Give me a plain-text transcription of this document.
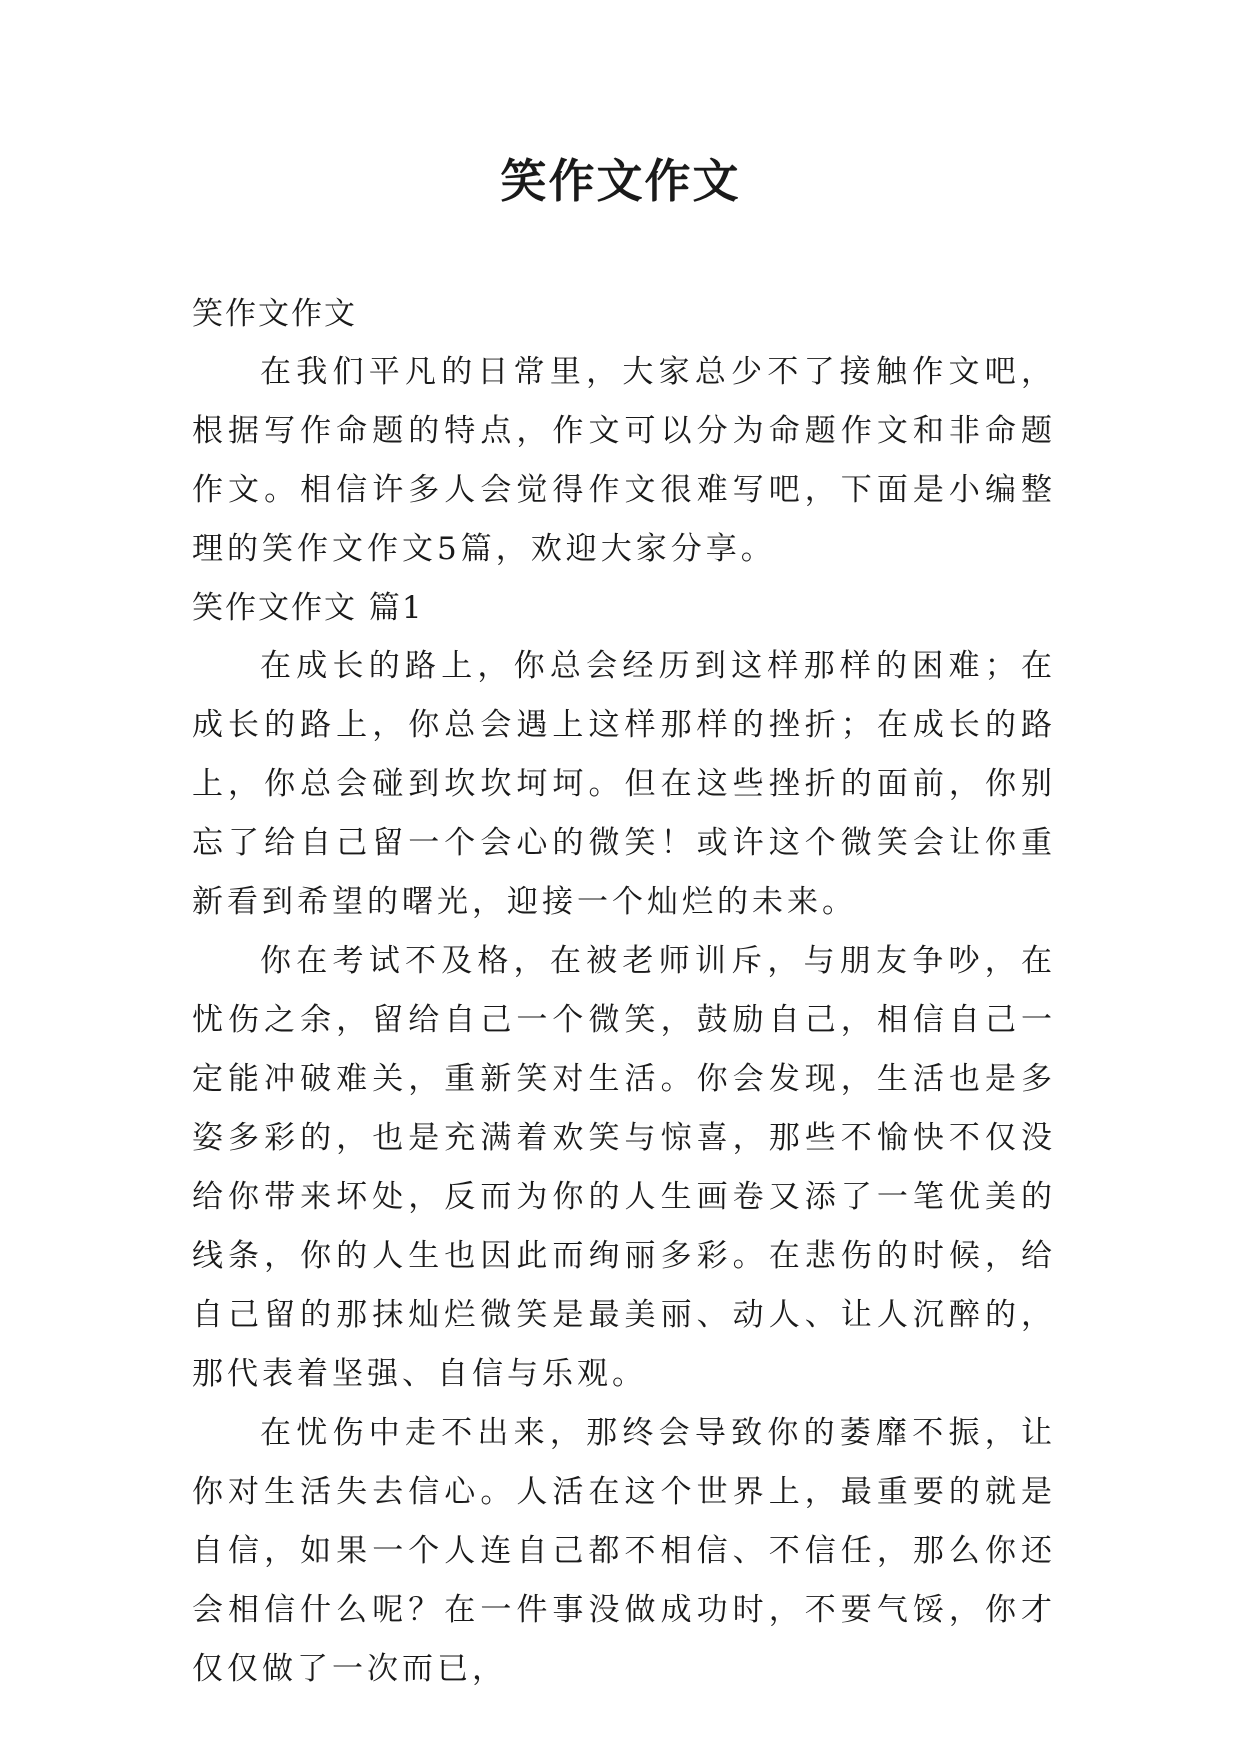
笑作文作文

笑作文作文

在我们平凡的日常里，大家总少不了接触作文吧，根据写作命题的特点，作文可以分为命题作文和非命题作文。相信许多人会觉得作文很难写吧，下面是小编整理的笑作文作文5篇，欢迎大家分享。

笑作文作文 篇1

在成长的路上，你总会经历到这样那样的困难；在成长的路上，你总会遇上这样那样的挫折；在成长的路上，你总会碰到坎坎坷坷。但在这些挫折的面前，你别忘了给自己留一个会心的微笑！或许这个微笑会让你重新看到希望的曙光，迎接一个灿烂的未来。

你在考试不及格，在被老师训斥，与朋友争吵，在忧伤之余，留给自己一个微笑，鼓励自己，相信自己一定能冲破难关，重新笑对生活。你会发现，生活也是多姿多彩的，也是充满着欢笑与惊喜，那些不愉快不仅没给你带来坏处，反而为你的人生画卷又添了一笔优美的线条，你的人生也因此而绚丽多彩。在悲伤的时候，给自己留的那抹灿烂微笑是最美丽、动人、让人沉醉的，那代表着坚强、自信与乐观。

在忧伤中走不出来，那终会导致你的萎靡不振，让你对生活失去信心。人活在这个世界上，最重要的就是自信，如果一个人连自己都不相信、不信任，那么你还会相信什么呢？在一件事没做成功时，不要气馁，你才仅仅做了一次而已，
